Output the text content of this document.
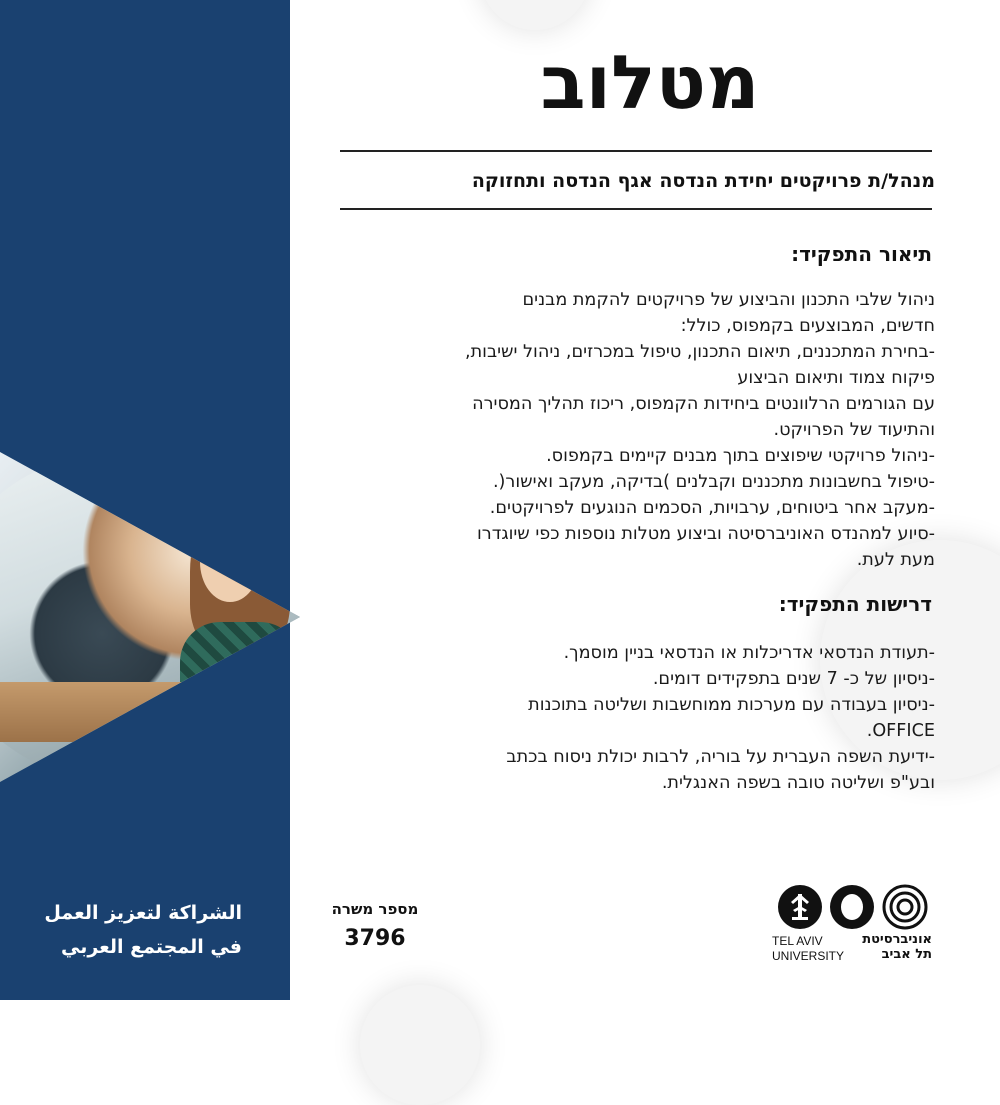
מטלוב
מנהל/ת פרויקטים יחידת הנדסה אגף הנדסה ותחזוקה
תיאור התפקיד:
ניהול שלבי התכנון והביצוע של פרויקטים להקמת מבנים
חדשים, המבוצעים בקמפוס, כולל:
-בחירת המתכננים, תיאום התכנון, טיפול במכרזים, ניהול ישיבות,
פיקוח צמוד ותיאום הביצוע
עם הגורמים הרלוונטים ביחידות הקמפוס, ריכוז תהליך המסירה
והתיעוד של הפרויקט.
-ניהול פרויקטי שיפוצים בתוך מבנים קיימים בקמפוס.
-טיפול בחשבונות מתכננים וקבלנים )בדיקה, מעקב ואישור(.
-מעקב אחר ביטוחים, ערבויות, הסכמים הנוגעים לפרויקטים.
-סיוע למהנדס האוניברסיטה וביצוע מטלות נוספות כפי שיוגדרו
מעת לעת.
דרישות התפקיד:
-תעודת הנדסאי אדריכלות או הנדסאי בניין מוסמך.
-ניסיון של כ- 7 שנים בתפקידים דומים.
-ניסיון בעבודה עם מערכות ממוחשבות ושליטה בתוכנות
OFFICE.
-ידיעת השפה העברית על בוריה, לרבות יכולת ניסוח בכתב
ובע"פ ושליטה טובה בשפה האנגלית.
الشراكة لتعزيز العمل
في المجتمع العربي
מספר משרה
3796	אוניברסיטת
תל אביב
TEL AVIV
UNIVERSITY
